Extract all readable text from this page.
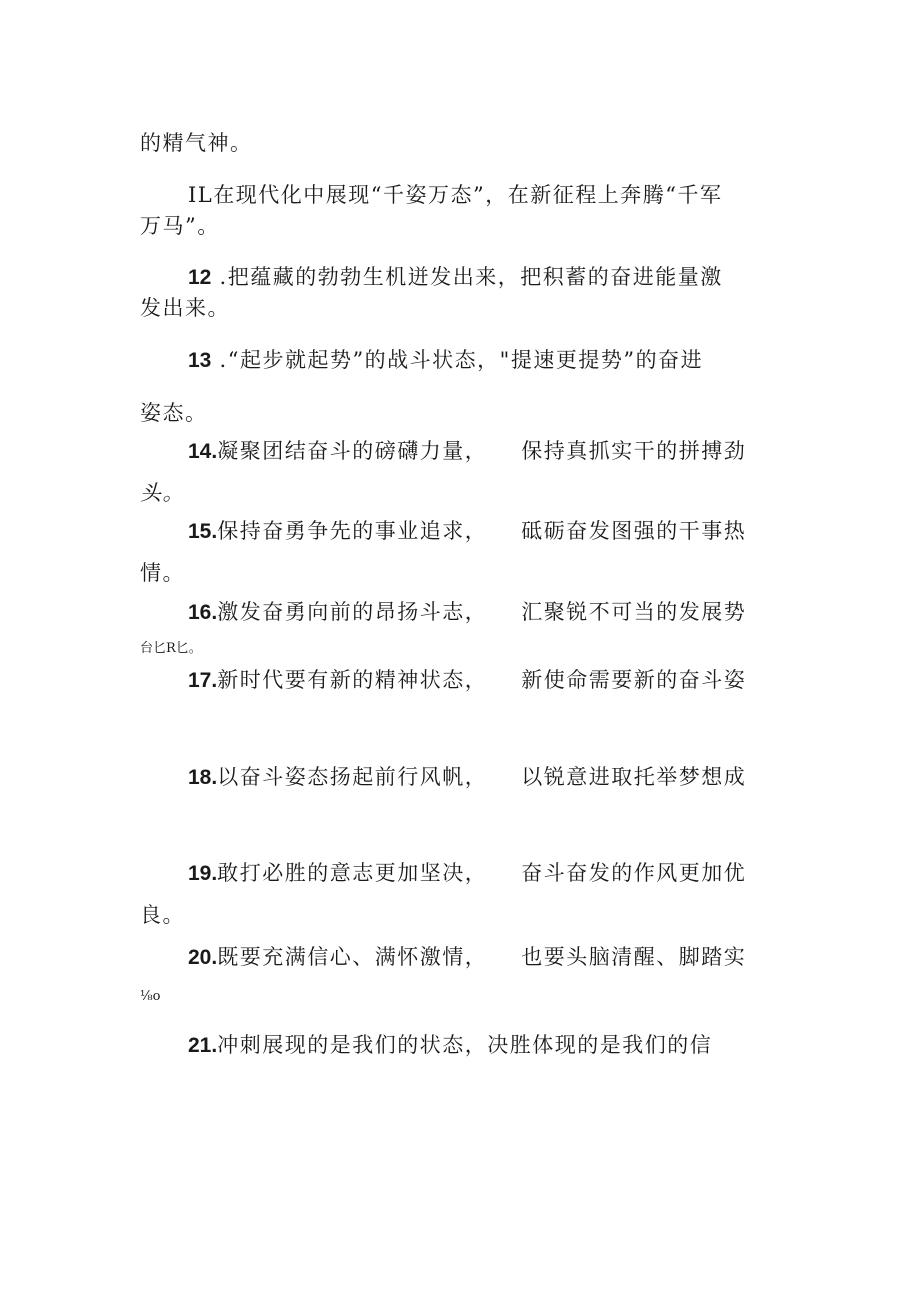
的精气神。
IL在现代化中展现“千姿万态”，在新征程上奔腾“千军
万马”。
12 .把蕴藏的勃勃生机迸发出来，把积蓄的奋进能量激
发出来。
13 .“起步就起势”的战斗状态，"提速更提势”的奋进
姿态。
14.凝聚团结奋斗的磅礴力量， 保持真抓实干的拼搏劲
头。
15.保持奋勇争先的事业追求， 砥砺奋发图强的干事热
情。
16.激发奋勇向前的昂扬斗志， 汇聚锐不可当的发展势
台匕R匕。
17.新时代要有新的精神状态， 新使命需要新的奋斗姿
18.以奋斗姿态扬起前行风帆， 以锐意进取托举梦想成
19.敢打必胜的意志更加坚决， 奋斗奋发的作风更加优
良。
20.既要充满信心、满怀激情， 也要头脑清醒、脚踏实
⅛o
21.冲刺展现的是我们的状态，决胜体现的是我们的信
